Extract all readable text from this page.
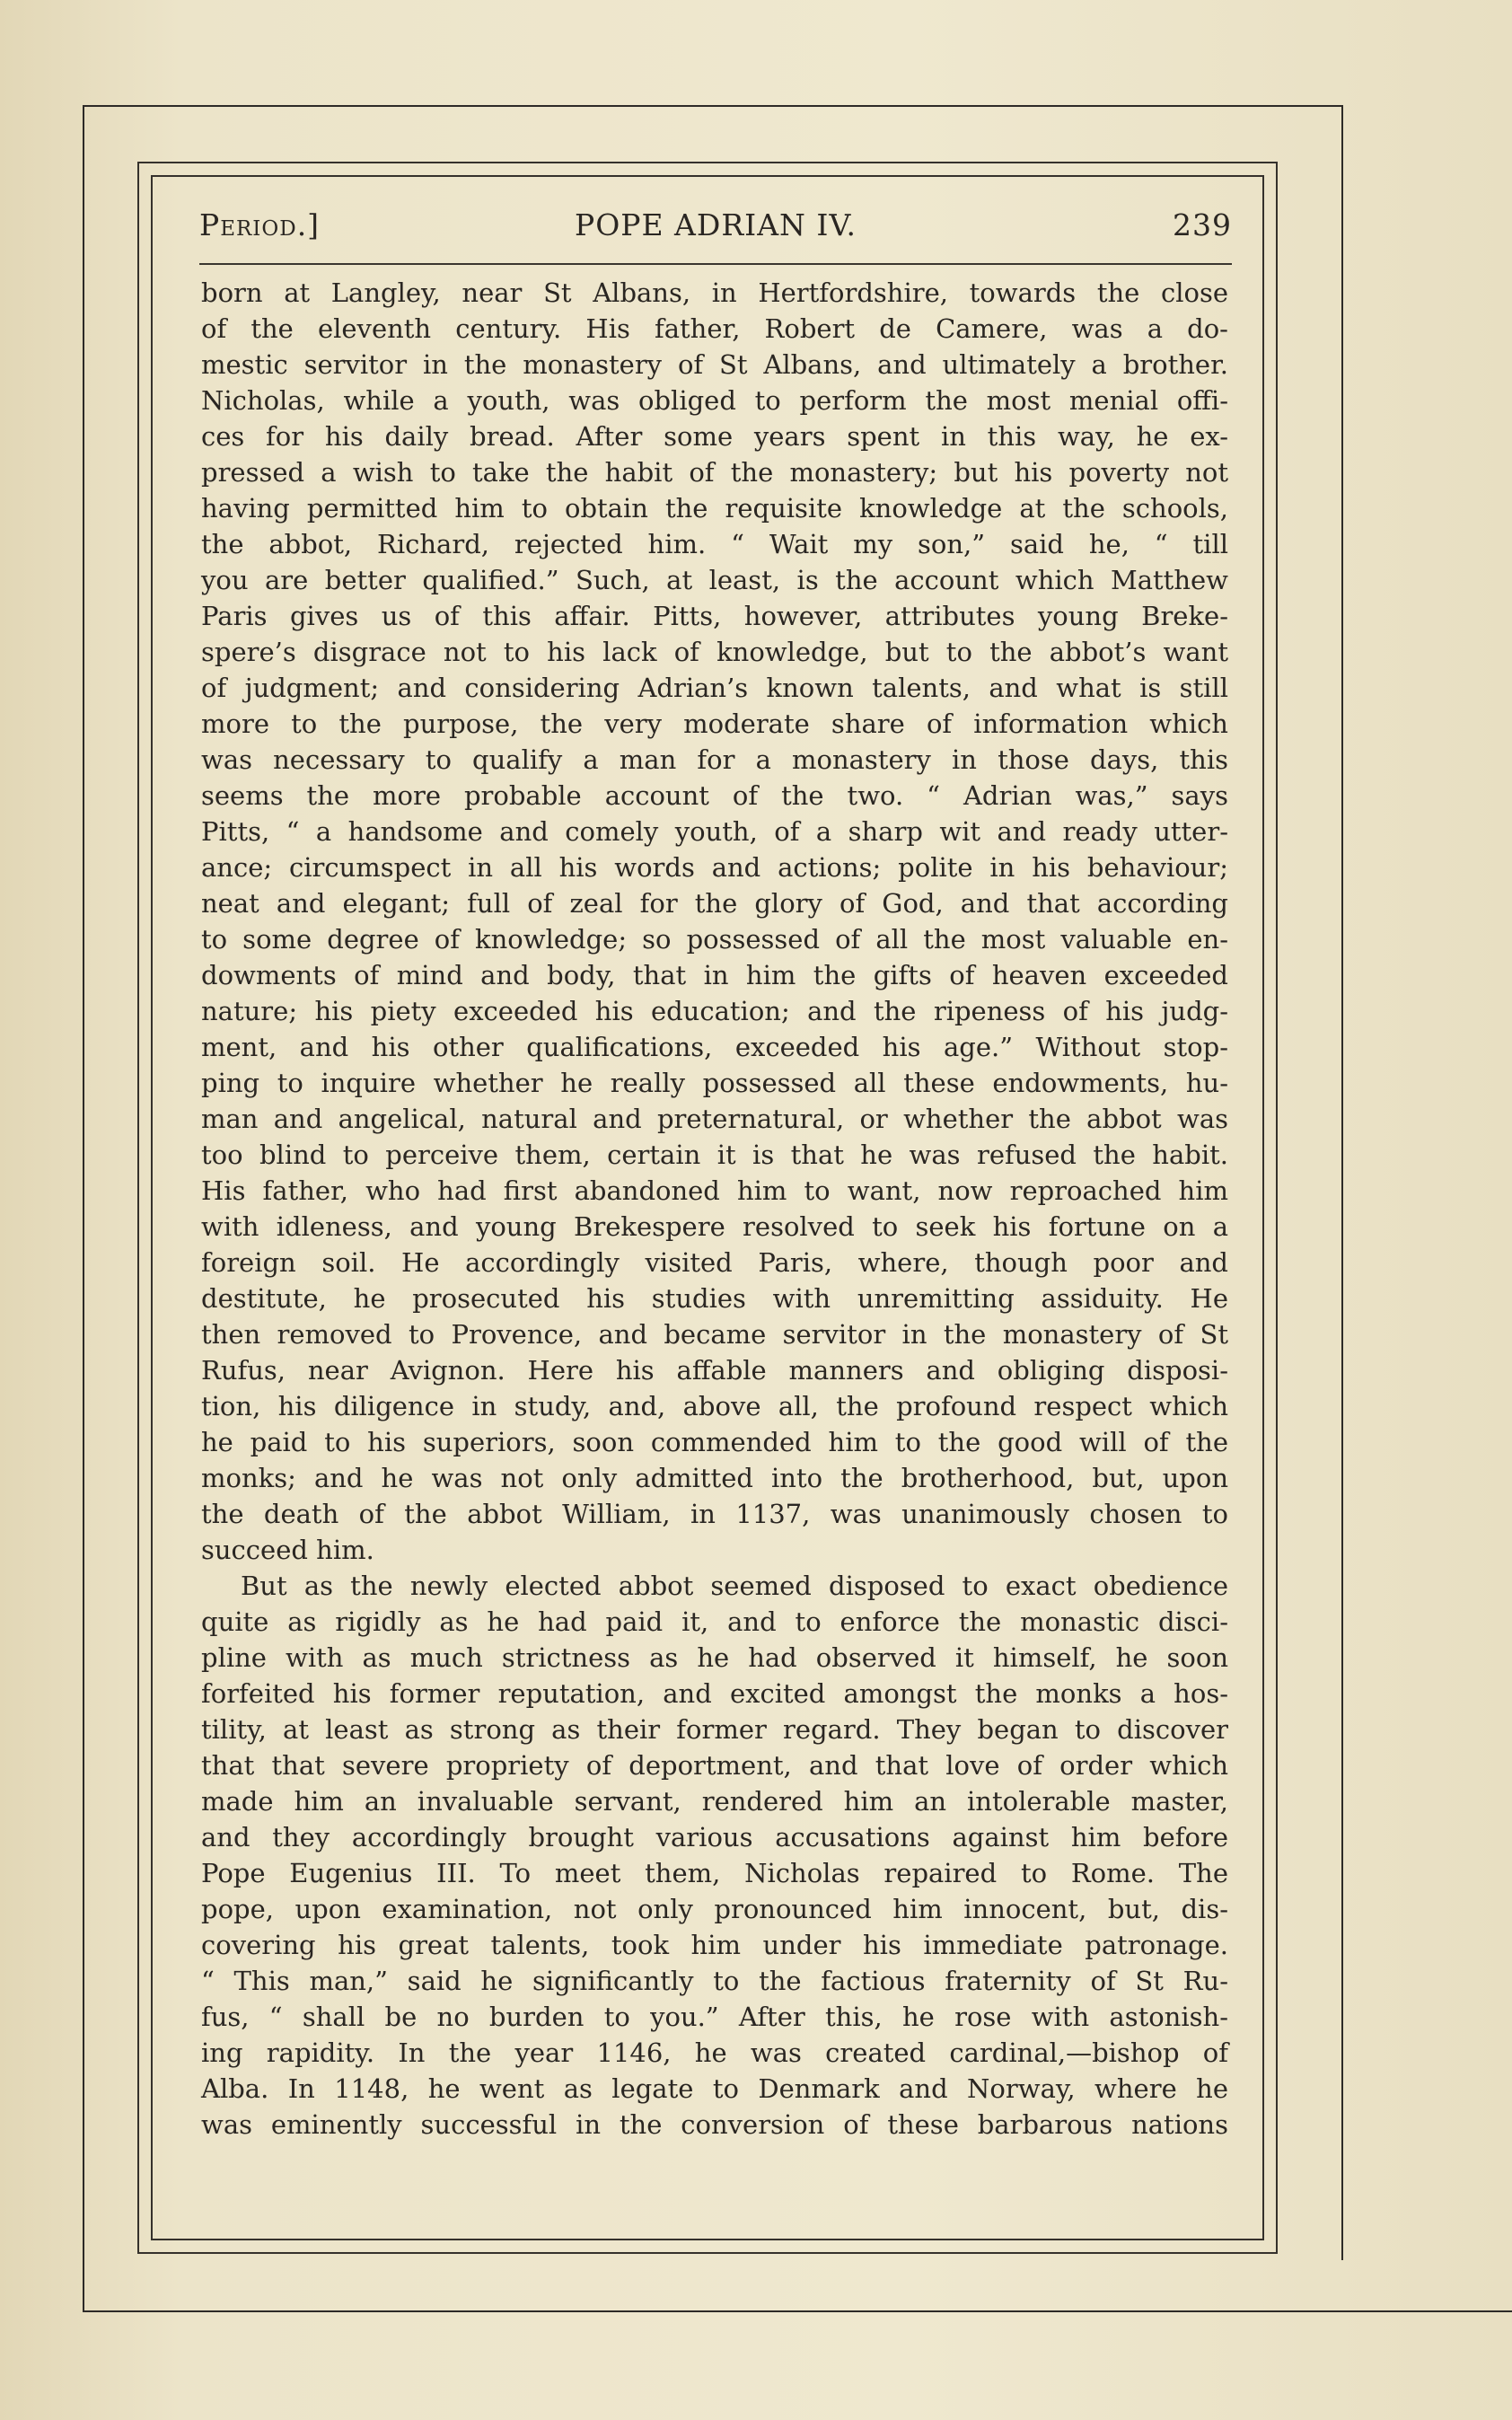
Period.]	POPE ADRIAN IV.	239
born at Langley, near St Albans, in Hertfordshire, towards the close
of the eleventh century. His father, Robert de Camere, was a do-
mestic servitor in the monastery of St Albans, and ultimately a brother.
Nicholas, while a youth, was obliged to perform the most menial offi-
ces for his daily bread. After some years spent in this way, he ex-
pressed a wish to take the habit of the monastery; but his poverty not
having permitted him to obtain the requisite knowledge at the schools,
the abbot, Richard, rejected him. “ Wait my son,” said he, “ till
you are better qualified.” Such, at least, is the account which Matthew
Paris gives us of this affair. Pitts, however, attributes young Breke-
spere’s disgrace not to his lack of knowledge, but to the abbot’s want
of judgment; and considering Adrian’s known talents, and what is still
more to the purpose, the very moderate share of information which
was necessary to qualify a man for a monastery in those days, this
seems the more probable account of the two. “ Adrian was,” says
Pitts, “ a handsome and comely youth, of a sharp wit and ready utter-
ance; circumspect in all his words and actions; polite in his behaviour;
neat and elegant; full of zeal for the glory of God, and that according
to some degree of knowledge; so possessed of all the most valuable en-
dowments of mind and body, that in him the gifts of heaven exceeded
nature; his piety exceeded his education; and the ripeness of his judg-
ment, and his other qualifications, exceeded his age.” Without stop-
ping to inquire whether he really possessed all these endowments, hu-
man and angelical, natural and preternatural, or whether the abbot was
too blind to perceive them, certain it is that he was refused the habit.
His father, who had first abandoned him to want, now reproached him
with idleness, and young Brekespere resolved to seek his fortune on a
foreign soil. He accordingly visited Paris, where, though poor and
destitute, he prosecuted his studies with unremitting assiduity. He
then removed to Provence, and became servitor in the monastery of St
Rufus, near Avignon. Here his affable manners and obliging disposi-
tion, his diligence in study, and, above all, the profound respect which
he paid to his superiors, soon commended him to the good will of the
monks; and he was not only admitted into the brotherhood, but, upon
the death of the abbot William, in 1137, was unanimously chosen to
succeed him.
But as the newly elected abbot seemed disposed to exact obedience
quite as rigidly as he had paid it, and to enforce the monastic disci-
pline with as much strictness as he had observed it himself, he soon
forfeited his former reputation, and excited amongst the monks a hos-
tility, at least as strong as their former regard. They began to discover
that that severe propriety of deportment, and that love of order which
made him an invaluable servant, rendered him an intolerable master,
and they accordingly brought various accusations against him before
Pope Eugenius III. To meet them, Nicholas repaired to Rome. The
pope, upon examination, not only pronounced him innocent, but, dis-
covering his great talents, took him under his immediate patronage.
“ This man,” said he significantly to the factious fraternity of St Ru-
fus, “ shall be no burden to you.” After this, he rose with astonish-
ing rapidity. In the year 1146, he was created cardinal,—bishop of
Alba. In 1148, he went as legate to Denmark and Norway, where he
was eminently successful in the conversion of these barbarous nations
